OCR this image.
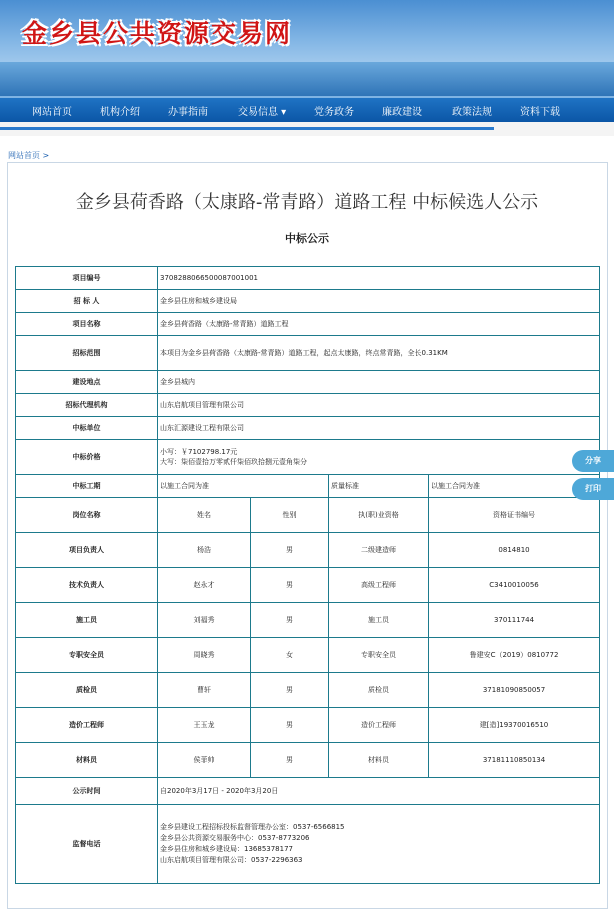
金乡县公共资源交易网
网站首页	机构介绍	办事指南	交易信息 ▾	党务政务	廉政建设	政策法规	资料下载
网站首页 >
金乡县荷香路（太康路-常青路）道路工程 中标候选人公示
中标公示
项目编号	3708288066500087001001			
招 标 人	金乡县住房和城乡建设局			
项目名称	金乡县荷香路（太康路-常青路）道路工程			
招标范围	本项目为金乡县荷香路（太康路-常青路）道路工程，起点太康路，终点常青路，全长0.31KM			
建设地点	金乡县城内			
招标代理机构	山东启航项目管理有限公司			
中标单位	山东汇源建设工程有限公司			
中标价格	小写：￥7102798.17元
大写：柒佰壹拾万零贰仟柒佰玖拾捌元壹角柒分			

中标工期	以施工合同为准		质量标准	以施工合同为准
岗位名称	姓名	性别	执(职)业资格	资格证书编号
项目负责人	杨浩	男	二级建造师	0814810
技术负责人	赵永才	男	高级工程师	C3410010056
施工员	刘福秀	男	施工员	370111744
专职安全员	周晓秀	女	专职安全员	鲁建安C（2019）0810772
质检员	曹轩	男	质检员	37181090850057
造价工程师	王玉龙	男	造价工程师	建[造]19370016510
材料员	侯菲帅	男	材料员	37181110850134
公示时间	自2020年3月17日 - 2020年3月20日			
监督电话	金乡县建设工程招标投标监督管理办公室：0537-6566815
金乡县公共资源交易服务中心：0537-8773206
金乡县住房和城乡建设局：13685378177
山东启航项目管理有限公司：0537-2296363			
分享
打印
